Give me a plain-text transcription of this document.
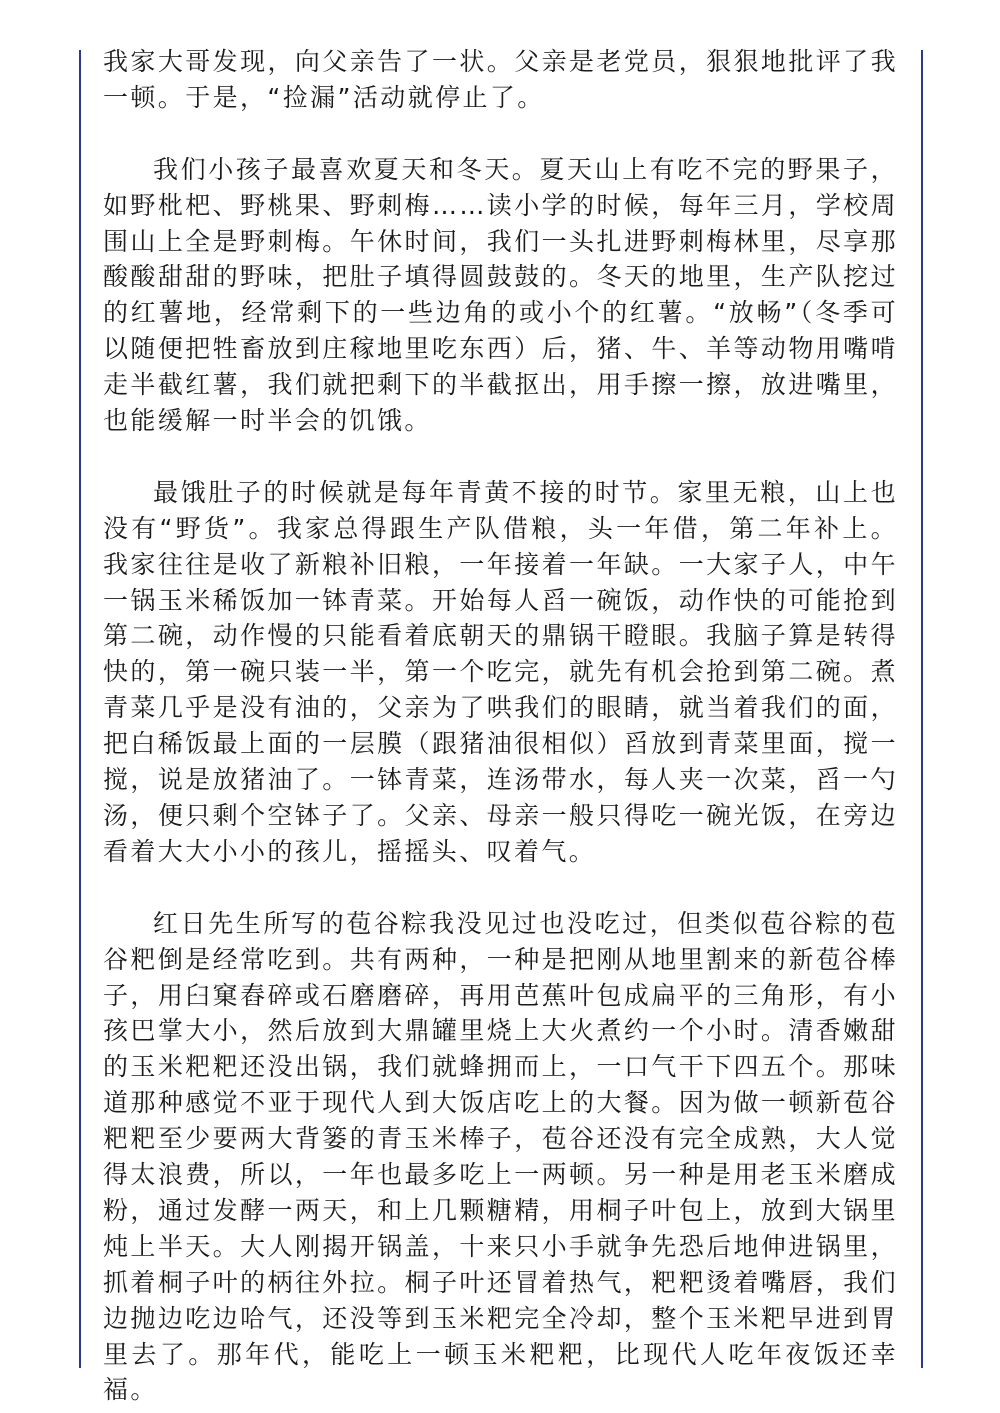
我家大哥发现，向父亲告了一状。父亲是老党员，狠狠地批评了我一顿。于是，“捡漏”活动就停止了。

我们小孩子最喜欢夏天和冬天。夏天山上有吃不完的野果子，如野枇杷、野桃果、野刺梅……读小学的时候，每年三月，学校周围山上全是野刺梅。午休时间，我们一头扎进野刺梅林里，尽享那酸酸甜甜的野味，把肚子填得圆鼓鼓的。冬天的地里，生产队挖过的红薯地，经常剩下的一些边角的或小个的红薯。“放畅”（冬季可以随便把牲畜放到庄稼地里吃东西）后，猪、牛、羊等动物用嘴啃走半截红薯，我们就把剩下的半截抠出，用手擦一擦，放进嘴里，也能缓解一时半会的饥饿。

最饿肚子的时候就是每年青黄不接的时节。家里无粮，山上也没有“野货”。我家总得跟生产队借粮，头一年借，第二年补上。我家往往是收了新粮补旧粮，一年接着一年缺。一大家子人，中午一锅玉米稀饭加一钵青菜。开始每人舀一碗饭，动作快的可能抢到第二碗，动作慢的只能看着底朝天的鼎锅干瞪眼。我脑子算是转得快的，第一碗只装一半，第一个吃完，就先有机会抢到第二碗。煮青菜几乎是没有油的，父亲为了哄我们的眼睛，就当着我们的面，把白稀饭最上面的一层膜（跟猪油很相似）舀放到青菜里面，搅一搅，说是放猪油了。一钵青菜，连汤带水，每人夹一次菜，舀一勺汤，便只剩个空钵子了。父亲、母亲一般只得吃一碗光饭，在旁边看着大大小小的孩儿，摇摇头、叹着气。

红日先生所写的苞谷粽我没见过也没吃过，但类似苞谷粽的苞谷粑倒是经常吃到。共有两种，一种是把刚从地里割来的新苞谷棒子，用臼窠舂碎或石磨磨碎，再用芭蕉叶包成扁平的三角形，有小孩巴掌大小，然后放到大鼎罐里烧上大火煮约一个小时。清香嫩甜的玉米粑粑还没出锅，我们就蜂拥而上，一口气干下四五个。那味道那种感觉不亚于现代人到大饭店吃上的大餐。因为做一顿新苞谷粑粑至少要两大背篓的青玉米棒子，苞谷还没有完全成熟，大人觉得太浪费，所以，一年也最多吃上一两顿。另一种是用老玉米磨成粉，通过发酵一两天，和上几颗糖精，用桐子叶包上，放到大锅里炖上半天。大人刚揭开锅盖，十来只小手就争先恐后地伸进锅里，抓着桐子叶的柄往外拉。桐子叶还冒着热气，粑粑烫着嘴唇，我们边抛边吃边哈气，还没等到玉米粑完全冷却，整个玉米粑早进到胃里去了。那年代，能吃上一顿玉米粑粑，比现代人吃年夜饭还幸福。
